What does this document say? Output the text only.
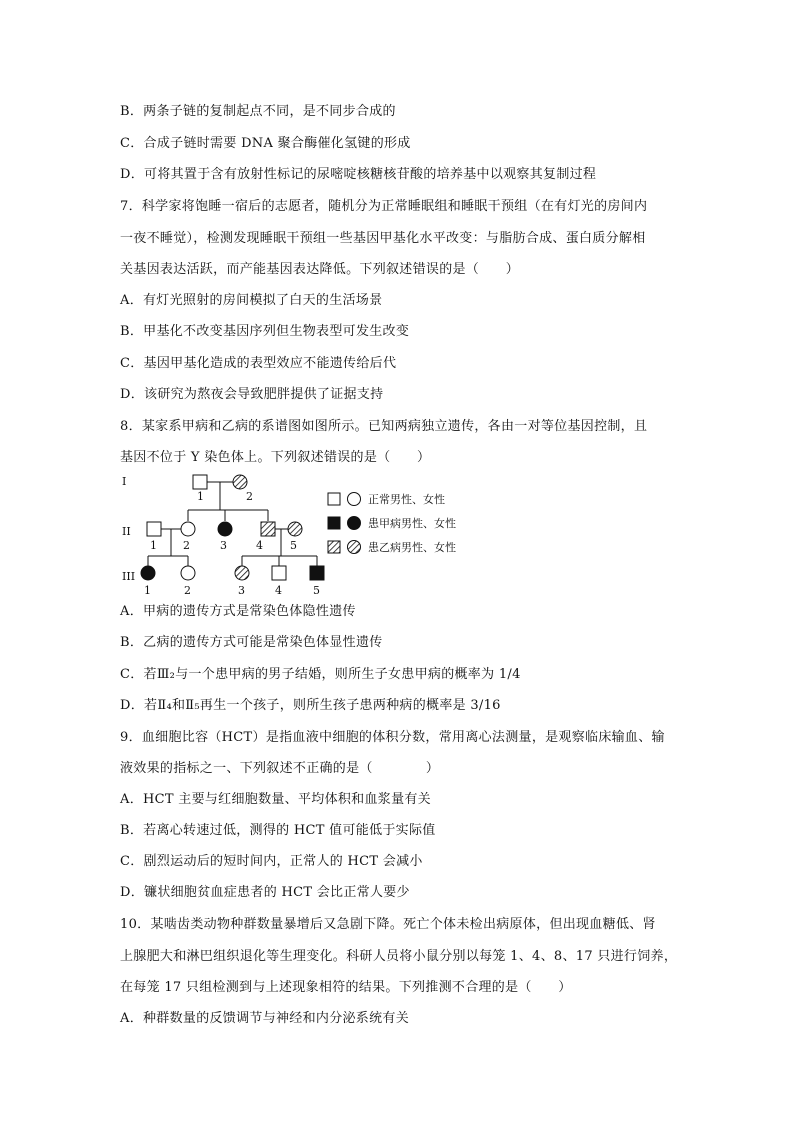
B．两条子链的复制起点不同，是不同步合成的
C．合成子链时需要 DNA 聚合酶催化氢键的形成
D．可将其置于含有放射性标记的尿嘧啶核糖核苷酸的培养基中以观察其复制过程
7．科学家将饱睡一宿后的志愿者，随机分为正常睡眠组和睡眠干预组（在有灯光的房间内
一夜不睡觉），检测发现睡眠干预组一些基因甲基化水平改变：与脂肪合成、蛋白质分解相
关基因表达活跃，而产能基因表达降低。下列叙述错误的是（　　）
A．有灯光照射的房间模拟了白天的生活场景
B．甲基化不改变基因序列但生物表型可发生改变
C．基因甲基化造成的表型效应不能遗传给后代
D．该研究为熬夜会导致肥胖提供了证据支持
8．某家系甲病和乙病的系谱图如图所示。已知两病独立遗传，各由一对等位基因控制，且
基因不位于 Y 染色体上。下列叙述错误的是（　　）
I
II
III
1	2
1 2	3	4 5
1	2	3	4	5
正常男性、女性
患甲病男性、女性
患乙病男性、女性
A．甲病的遗传方式是常染色体隐性遗传
B．乙病的遗传方式可能是常染色体显性遗传
C．若Ⅲ₂与一个患甲病的男子结婚，则所生子女患甲病的概率为 1/4
D．若Ⅱ₄和Ⅱ₅再生一个孩子，则所生孩子患两种病的概率是 3/16
9．血细胞比容（HCT）是指血液中细胞的体积分数，常用离心法测量，是观察临床输血、输
液效果的指标之一、下列叙述不正确的是（　　　　）
A．HCT 主要与红细胞数量、平均体积和血浆量有关
B．若离心转速过低，测得的 HCT 值可能低于实际值
C．剧烈运动后的短时间内，正常人的 HCT 会减小
D．镰状细胞贫血症患者的 HCT 会比正常人要少
10．某啮齿类动物种群数量暴增后又急剧下降。死亡个体未检出病原体，但出现血糖低、肾
上腺肥大和淋巴组织退化等生理变化。科研人员将小鼠分别以每笼 1、4、8、17 只进行饲养，
在每笼 17 只组检测到与上述现象相符的结果。下列推测不合理的是（　　）
A．种群数量的反馈调节与神经和内分泌系统有关
